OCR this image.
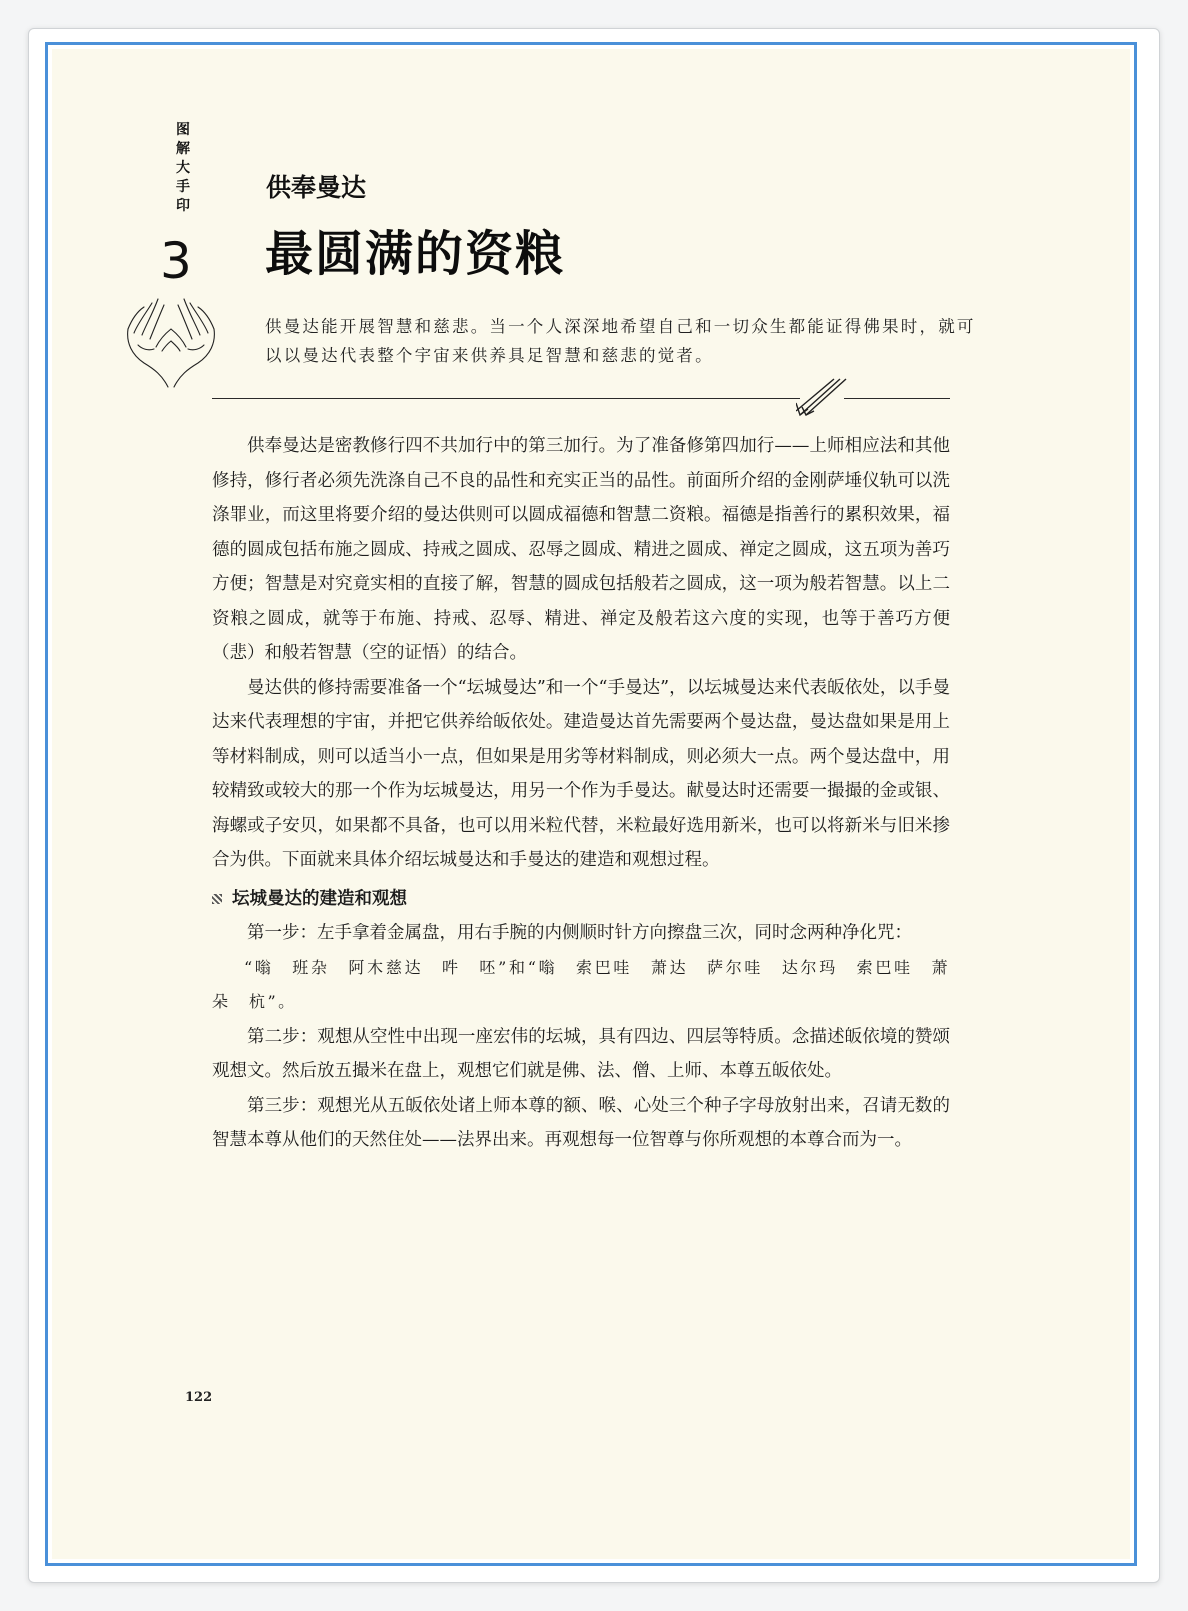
图
解
大
手
印
3
供奉曼达
最圆满的资粮
供曼达能开展智慧和慈悲。当一个人深深地希望自己和一切众生都能证得佛果时，就可以以曼达代表整个宇宙来供养具足智慧和慈悲的觉者。

供奉曼达是密教修行四不共加行中的第三加行。为了准备修第四加行——上师相应法和其他修持，修行者必须先洗涤自己不良的品性和充实正当的品性。前面所介绍的金刚萨埵仪轨可以洗涤罪业，而这里将要介绍的曼达供则可以圆成福德和智慧二资粮。福德是指善行的累积效果，福德的圆成包括布施之圆成、持戒之圆成、忍辱之圆成、精进之圆成、禅定之圆成，这五项为善巧方便；智慧是对究竟实相的直接了解，智慧的圆成包括般若之圆成，这一项为般若智慧。以上二资粮之圆成，就等于布施、持戒、忍辱、精进、禅定及般若这六度的实现，也等于善巧方便（悲）和般若智慧（空的证悟）的结合。

曼达供的修持需要准备一个“坛城曼达”和一个“手曼达”，以坛城曼达来代表皈依处，以手曼达来代表理想的宇宙，并把它供养给皈依处。建造曼达首先需要两个曼达盘，曼达盘如果是用上等材料制成，则可以适当小一点，但如果是用劣等材料制成，则必须大一点。两个曼达盘中，用较精致或较大的那一个作为坛城曼达，用另一个作为手曼达。献曼达时还需要一撮撮的金或银、海螺或子安贝，如果都不具备，也可以用米粒代替，米粒最好选用新米，也可以将新米与旧米掺合为供。下面就来具体介绍坛城曼达和手曼达的建造和观想过程。

坛城曼达的建造和观想

第一步：左手拿着金属盘，用右手腕的内侧顺时针方向擦盘三次，同时念两种净化咒：

“嗡　班杂　阿木慈达　吽　呸”和“嗡　索巴哇　萧达　萨尔哇　达尔玛　索巴哇　萧朵　杭”。

第二步：观想从空性中出现一座宏伟的坛城，具有四边、四层等特质。念描述皈依境的赞颂观想文。然后放五撮米在盘上，观想它们就是佛、法、僧、上师、本尊五皈依处。

第三步：观想光从五皈依处诸上师本尊的额、喉、心处三个种子字母放射出来，召请无数的智慧本尊从他们的天然住处——法界出来。再观想每一位智尊与你所观想的本尊合而为一。

122
